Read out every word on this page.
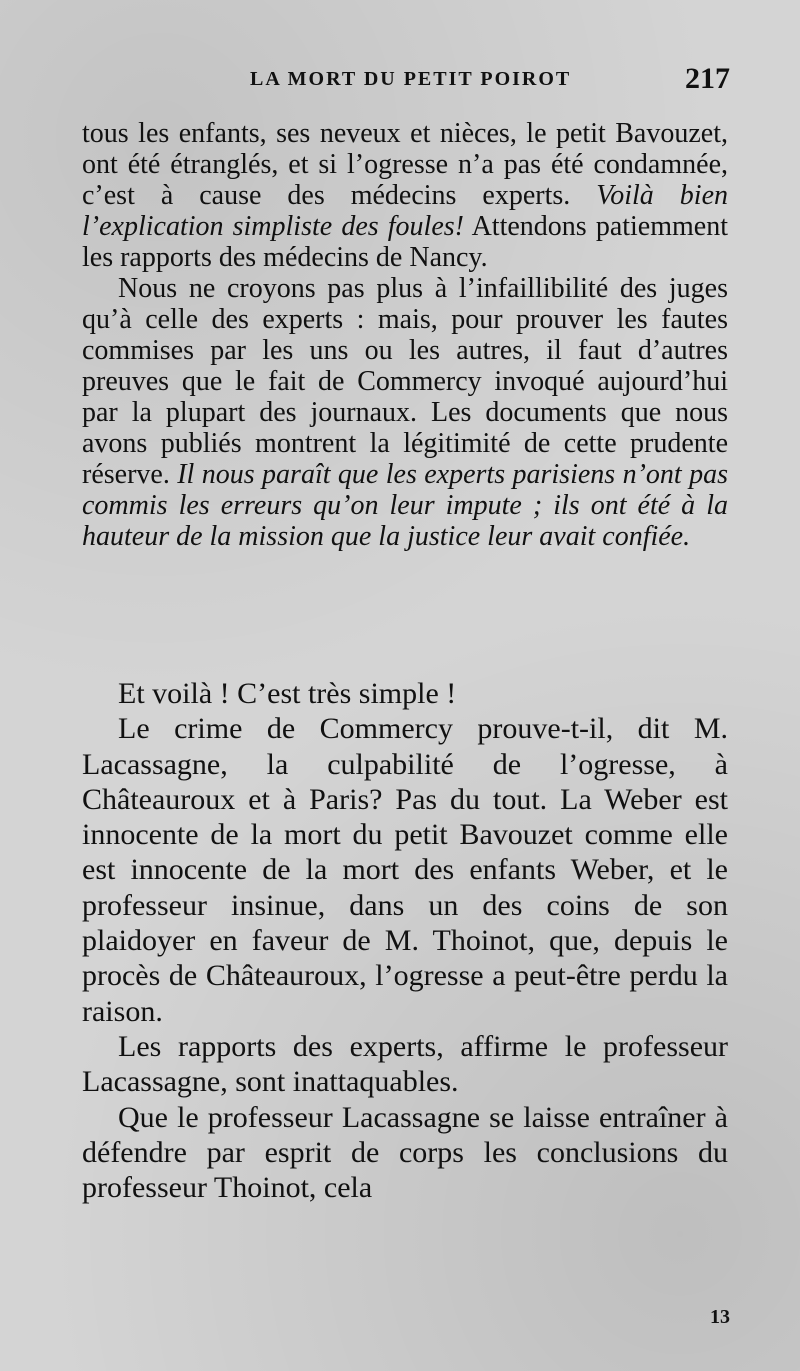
LA MORT DU PETIT POIROT	217

tous les enfants, ses neveux et nièces, le petit Bavouzet, ont été étranglés, et si l’ogresse n’a pas été condamnée, c’est à cause des médecins experts. Voilà bien l’explication simpliste des foules! Attendons patiemment les rapports des médecins de Nancy.

Nous ne croyons pas plus à l’infaillibilité des juges qu’à celle des experts : mais, pour prouver les fautes commises par les uns ou les autres, il faut d’autres preuves que le fait de Commercy invoqué aujourd’hui par la plupart des journaux. Les documents que nous avons publiés montrent la légitimité de cette prudente réserve. Il nous paraît que les experts parisiens n’ont pas commis les erreurs qu’on leur impute ; ils ont été à la hauteur de la mission que la justice leur avait confiée.

Et voilà ! C’est très simple !

Le crime de Commercy prouve-t-il, dit M. Lacassagne, la culpabilité de l’ogresse, à Châteauroux et à Paris? Pas du tout. La Weber est innocente de la mort du petit Bavouzet comme elle est innocente de la mort des enfants Weber, et le professeur insinue, dans un des coins de son plaidoyer en faveur de M. Thoinot, que, depuis le procès de Châteauroux, l’ogresse a peut-être perdu la raison.

Les rapports des experts, affirme le professeur Lacassagne, sont inattaquables.

Que le professeur Lacassagne se laisse entraîner à défendre par esprit de corps les conclusions du professeur Thoinot, cela

13
